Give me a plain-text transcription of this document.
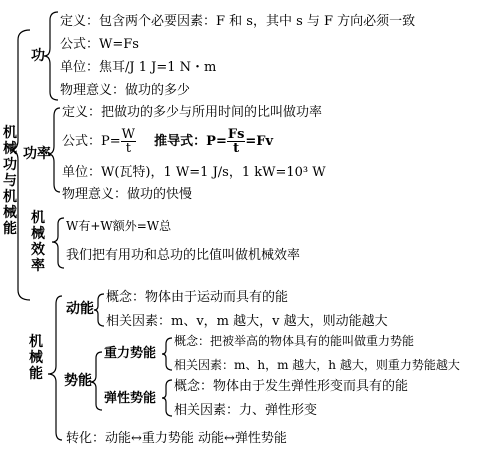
机械功与机械能
功
定义：包含两个必要因素：F 和 s，其中 s 与 F 方向必须一致
公式：W=Fs
单位：焦耳/J 1 J=1 N・m
物理意义：做功的多少
功率
定义：把做功的多少与所用时间的比叫做功率
公式：$P= \frac{W}{t}$ 推导式：$P= \frac{Fs}{t} =Fv$
单位：W(瓦特)，1 W=1 J/s，1 kW=10³ W
物理意义：做功的快慢
机械效率
W有+W额外=W总
我们把有用功和总功的比值叫做机械效率
机械能
动能
概念：物体由于运动而具有的能
相关因素：m、v，m 越大，v 越大，则动能越大
势能
重力势能
概念：把被举高的物体具有的能叫做重力势能
相关因素：m、h，m 越大，h 越大，则重力势能越大
弹性势能
概念：物体由于发生弹性形变而具有的能
相关因素：力、弹性形变
转化：动能↔重力势能 动能↔弹性势能
